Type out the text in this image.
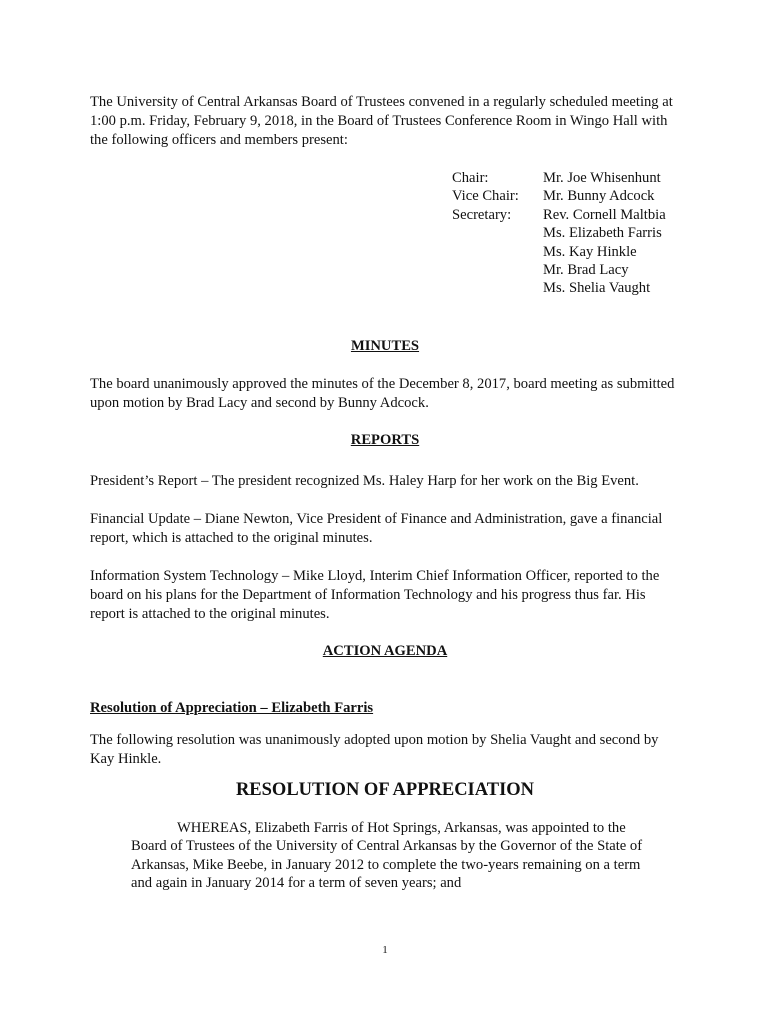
The University of Central Arkansas Board of Trustees convened in a regularly scheduled meeting at 1:00 p.m. Friday, February 9, 2018, in the Board of Trustees Conference Room in Wingo Hall with the following officers and members present:

Chair:	Mr. Joe Whisenhunt
Vice Chair:	Mr. Bunny Adcock
Secretary:	Rev. Cornell Maltbia
Ms. Elizabeth Farris
Ms. Kay Hinkle
Mr. Brad Lacy
Ms. Shelia Vaught
MINUTES

The board unanimously approved the minutes of the December 8, 2017, board meeting as submitted upon motion by Brad Lacy and second by Bunny Adcock.

REPORTS

President’s Report – The president recognized Ms. Haley Harp for her work on the Big Event.

Financial Update – Diane Newton, Vice President of Finance and Administration, gave a financial report, which is attached to the original minutes.

Information System Technology – Mike Lloyd, Interim Chief Information Officer, reported to the board on his plans for the Department of Information Technology and his progress thus far. His report is attached to the original minutes.

ACTION AGENDA
Resolution of Appreciation – Elizabeth Farris

The following resolution was unanimously adopted upon motion by Shelia Vaught and second by Kay Hinkle.

RESOLUTION OF APPRECIATION
WHEREAS, Elizabeth Farris of Hot Springs, Arkansas, was appointed to the
Board of Trustees of the University of Central Arkansas by the Governor of the State of
Arkansas, Mike Beebe, in January 2012 to complete the two-years remaining on a term
and again in January 2014 for a term of seven years; and
1
